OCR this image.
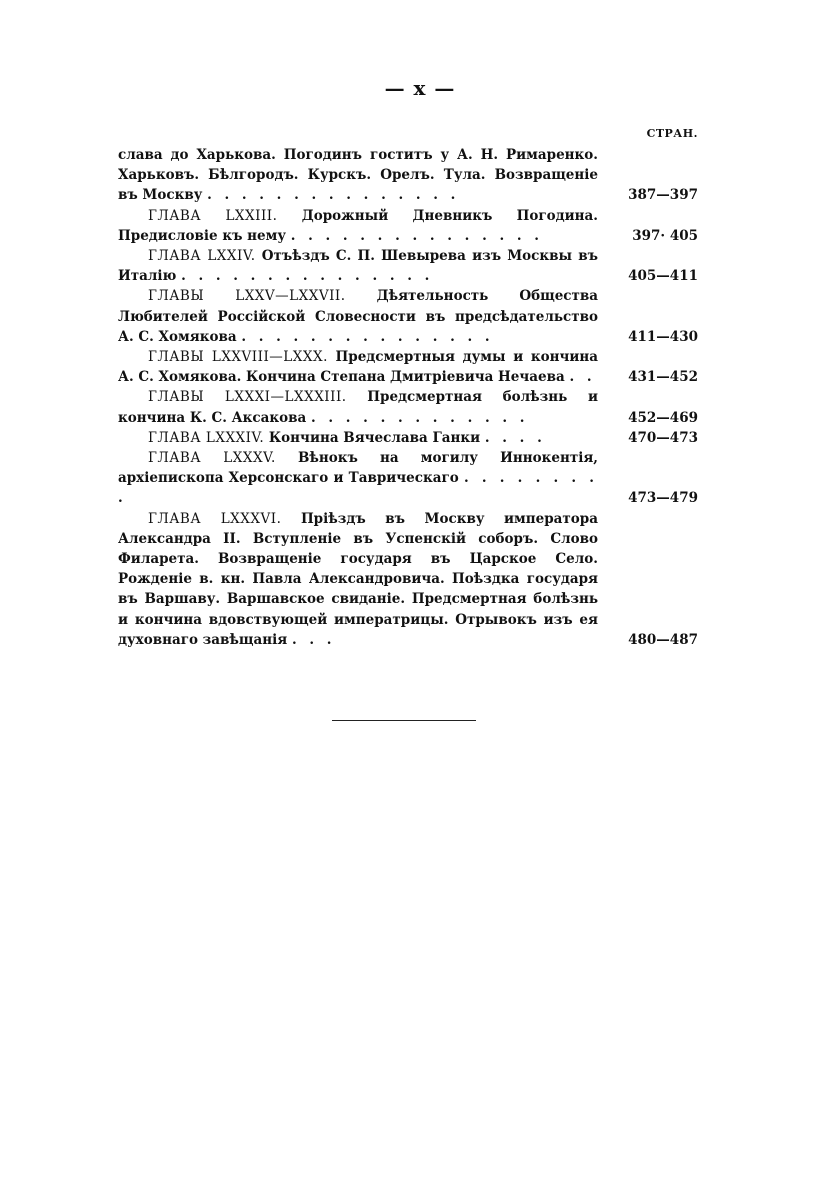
— x —
СТРАН.
слава до Харькова. Погодинъ гоститъ у А. Н. Римаренко. Харьковъ. Бѣлгородъ. Курскъ. Орелъ. Тула. Возвращеніе въ Москву . . . . . . . . . . . . . . .	387—397
ГЛАВА LXXIII. Дорожный Дневникъ Погодина. Предисловіе къ нему . . . . . . . . . . . . . . .	397· 405
ГЛАВА LXXIV. Отъѣздъ С. П. Шевырева изъ Москвы въ Италію . . . . . . . . . . . . . . .	405—411
ГЛАВЫ LXXV—LXXVII. Дѣятельность Общества Любителей Россійской Словесности въ предсѣдательство А. С. Хомякова . . . . . . . . . . . . . . .	411—430
ГЛАВЫ LXXVIII—LXXX. Предсмертныя думы и кончина А. С. Хомякова. Кончина Степана Дмитріевича Нечаева . .	431—452
ГЛАВЫ LXXXI—LXXXIII. Предсмертная болѣзнь и кончина К. С. Аксакова . . . . . . . . . . . . .	452—469
ГЛАВА LXXXIV. Кончина Вячеслава Ганки . . . .	470—473
ГЛАВА LXXXV. Вѣнокъ на могилу Иннокентія, архіепископа Херсонскаго и Таврическаго . . . . . . . . .	473—479
ГЛАВА LXXXVI. Пріѣздъ въ Москву императора Александра II. Вступленіе въ Успенскій соборъ. Слово Филарета. Возвращеніе государя въ Царское Село. Рожденіе в. кн. Павла Александровича. Поѣздка государя въ Варшаву. Варшавское свиданіе. Предсмертная болѣзнь и кончина вдовствующей императрицы. Отрывокъ изъ ея духовнаго завѣщанія . . .	480—487
